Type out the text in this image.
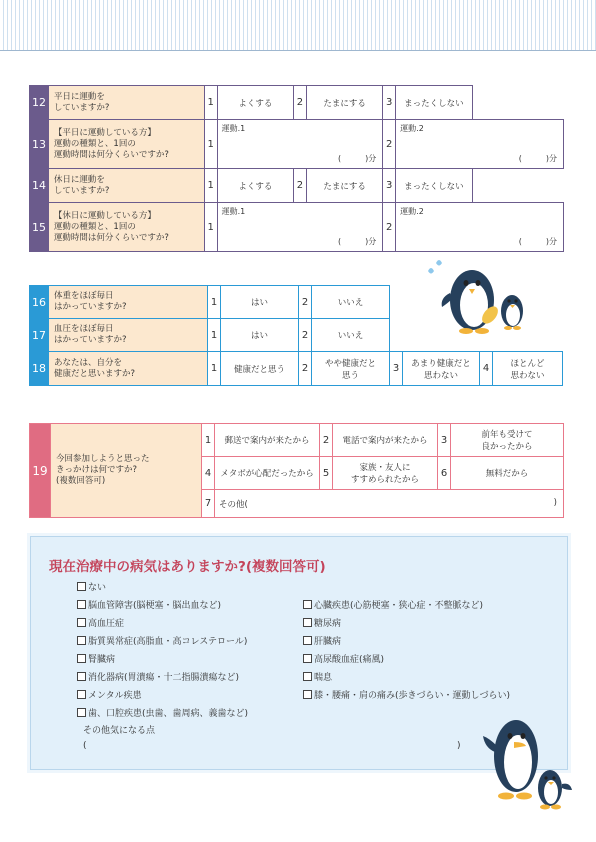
12	平日に運動を
していますか?	1	よくする	2	たまにする	3	まったくしない	
13	【平日に運動している方】
運動の種類と、1回の
運動時間は何分くらいですか?	1	運動.1
(　　　)分			2	運動.2
(　　　)分	

14	休日に運動を
していますか?	1	よくする	2	たまにする	3	まったくしない	
15	【休日に運動している方】
運動の種類と、1回の
運動時間は何分くらいですか?	1	運動.1
(　　　)分			2	運動.2
(　　　)分	
16	体重をほぼ毎日
はかっていますか?	1	はい	2	いいえ				
17	血圧をほぼ毎日
はかっていますか?	1	はい	2	いいえ				
18	あなたは、自分を
健康だと思いますか?	1	健康だと思う	2	やや健康だと
思う	3	あまり健康だと
思わない	4	ほとんど
思わない
19	今回参加しようと思った
きっかけは何ですか?
(複数回答可)	1	郵送で案内が来たから	2	電話で案内が来たから	3	前年も受けて
良かったから
		4	メタボが心配だったから	5	家族・友人に
すすめられたから	6	無料だから
		7	その他( )				
現在治療中の病気はありますか?(複数回答可)
ない
脳血管障害(脳梗塞・脳出血など)
高血圧症
脂質異常症(高脂血・高コレステロール)
腎臓病
消化器病(胃潰瘍・十二指腸潰瘍など)
メンタル疾患
歯、口腔疾患(虫歯、歯周病、義歯など)
心臓疾患(心筋梗塞・狭心症・不整脈など)
糖尿病
肝臓病
高尿酸血症(痛風)
喘息
膝・腰痛・肩の痛み(歩きづらい・運動しづらい)
その他気になる点
(	)
